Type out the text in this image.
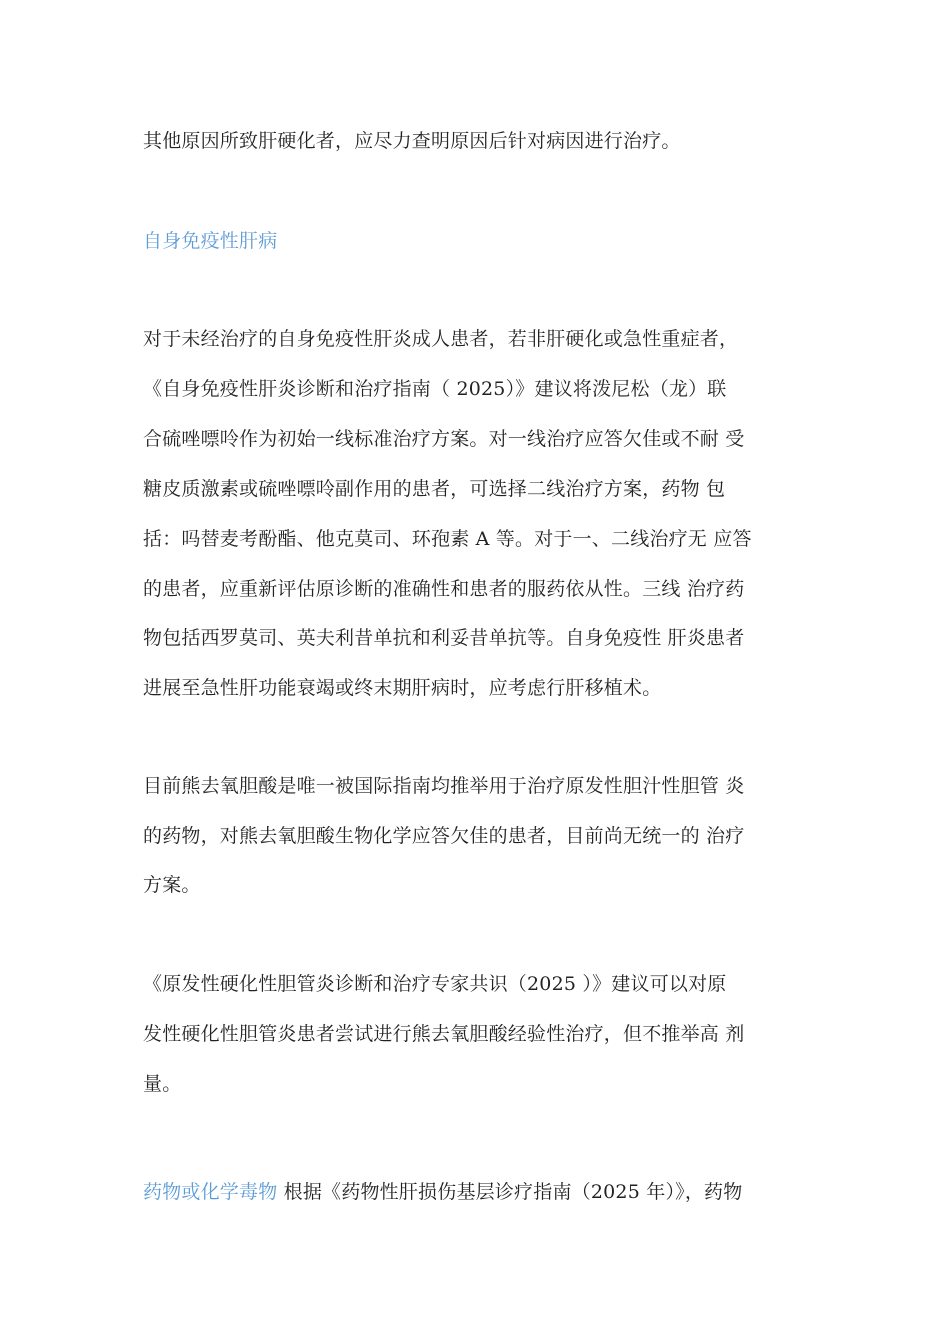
其他原因所致肝硬化者，应尽力查明原因后针对病因进行治疗。
自身免疫性肝病
对于未经治疗的自身免疫性肝炎成人患者，若非肝硬化或急性重症者，
《自身免疫性肝炎诊断和治疗指南（ 2025）》建议将泼尼松（龙）联
合硫唑嘌呤作为初始一线标准治疗方案。对一线治疗应答欠佳或不耐 受
糖皮质激素或硫唑嘌呤副作用的患者，可选择二线治疗方案，药物 包
括：吗替麦考酚酯、他克莫司、环孢素 A 等。对于一、二线治疗无 应答
的患者，应重新评估原诊断的准确性和患者的服药依从性。三线 治疗药
物包括西罗莫司、英夫利昔单抗和利妥昔单抗等。自身免疫性 肝炎患者
进展至急性肝功能衰竭或终末期肝病时，应考虑行肝移植术。
目前熊去氧胆酸是唯一被国际指南均推举用于治疗原发性胆汁性胆管 炎
的药物，对熊去氧胆酸生物化学应答欠佳的患者，目前尚无统一的 治疗
方案。
《原发性硬化性胆管炎诊断和治疗专家共识（2025 ）》建议可以对原
发性硬化性胆管炎患者尝试进行熊去氧胆酸经验性治疗，但不推举高 剂
量。
药物或化学毒物 根据《药物性肝损伤基层诊疗指南（2025 年）》，药物
